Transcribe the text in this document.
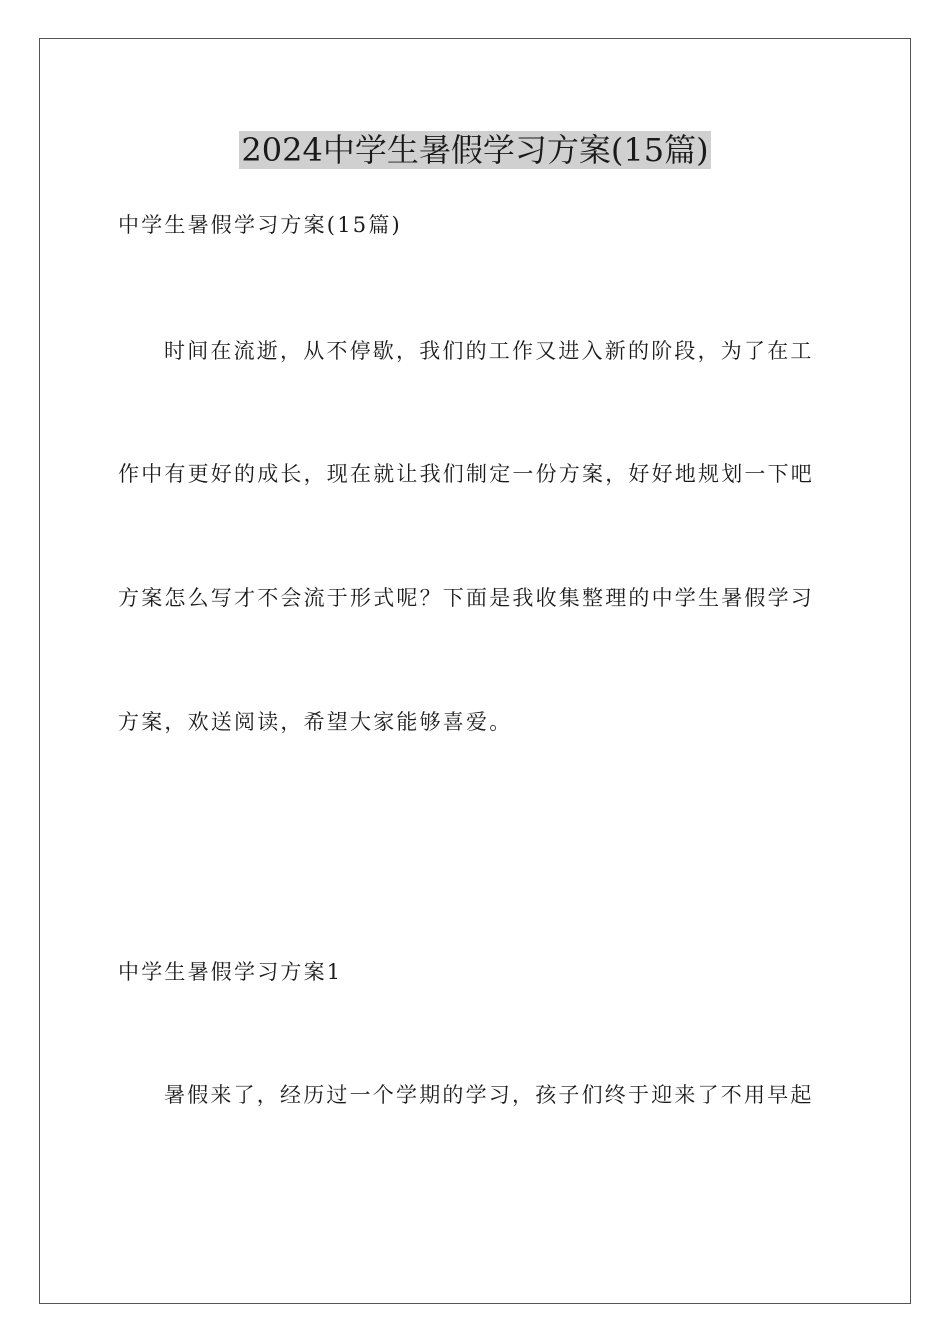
2024中学生暑假学习方案(15篇)

中学生暑假学习方案(15篇)

时间在流逝，从不停歇，我们的工作又进入新的阶段，为了在工

作中有更好的成长，现在就让我们制定一份方案，好好地规划一下吧

方案怎么写才不会流于形式呢？下面是我收集整理的中学生暑假学习

方案，欢送阅读，希望大家能够喜爱。

中学生暑假学习方案1

暑假来了，经历过一个学期的学习，孩子们终于迎来了不用早起
